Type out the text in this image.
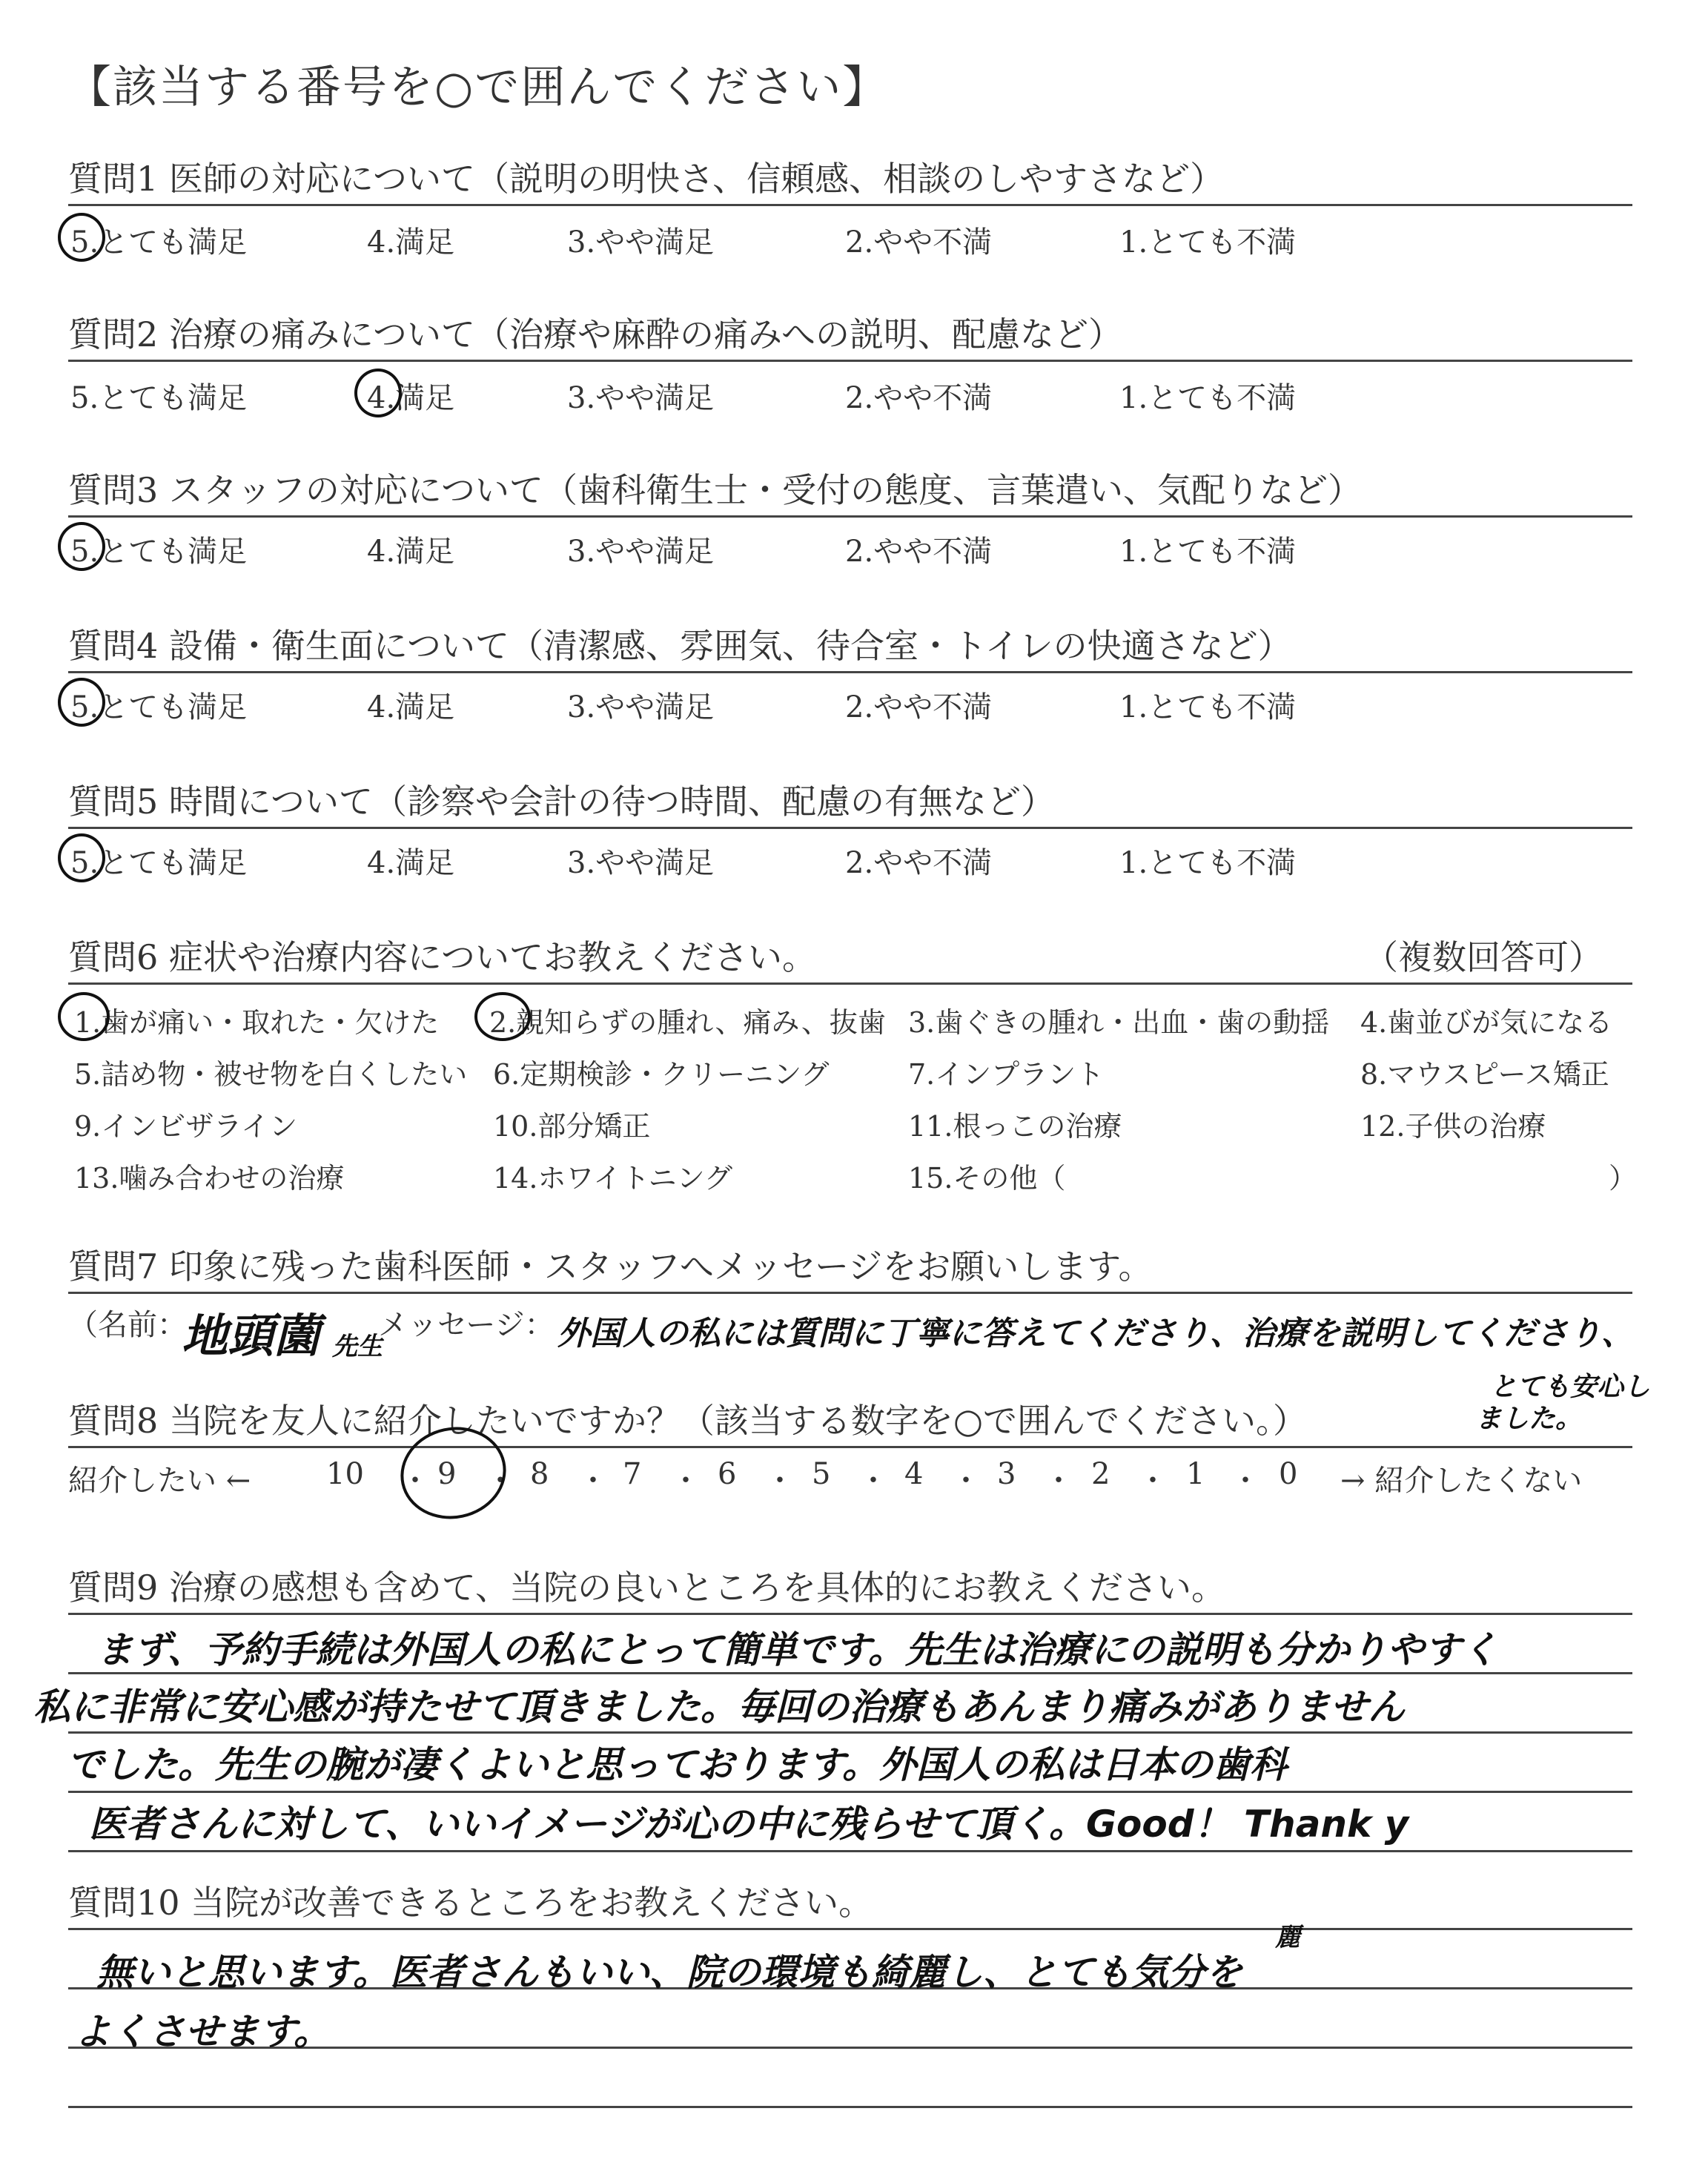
【該当する番号を○で囲んでください】
質問1 医師の対応について（説明の明快さ、信頼感、相談のしやすさなど）
5.とても満足	4.満足	3.やや満足	2.やや不満	1.とても不満
質問2 治療の痛みについて（治療や麻酔の痛みへの説明、配慮など）
5.とても満足	4.満足	3.やや満足	2.やや不満	1.とても不満
質問3 スタッフの対応について（歯科衛生士・受付の態度、言葉遣い、気配りなど）
5.とても満足	4.満足	3.やや満足	2.やや不満	1.とても不満
質問4 設備・衛生面について（清潔感、雰囲気、待合室・トイレの快適さなど）
5.とても満足	4.満足	3.やや満足	2.やや不満	1.とても不満
質問5 時間について（診察や会計の待つ時間、配慮の有無など）
5.とても満足	4.満足	3.やや満足	2.やや不満	1.とても不満
質問6 症状や治療内容についてお教えください。	（複数回答可）
1.歯が痛い・取れた・欠けた 2.親知らずの腫れ、痛み、抜歯 3.歯ぐきの腫れ・出血・歯の動揺 4.歯並びが気になる
5.詰め物・被せ物を白くしたい 6.定期検診・クリーニング	7.インプラント	8.マウスピース矯正
9.インビザライン	10.部分矯正	11.根っこの治療	12.子供の治療
13.噛み合わせの治療	14.ホワイトニング	15.その他（	）
質問7 印象に残った歯科医師・スタッフへメッセージをお願いします。
（名前：
地頭薗 先生
メッセージ： 外国人の私には質問に丁寧に答えてくださり、治療を説明してくださり、
とても安心し
質問8 当院を友人に紹介したいですか？（該当する数字を○で囲んでください。）	ました。
紹介したい ←	10 ・ 9 ・ 8 ・ 7 ・ 6 ・ 5 ・ 4 ・ 3 ・ 2 ・ 1 ・ 0 → 紹介したくない
質問9 治療の感想も含めて、当院の良いところを具体的にお教えください。
まず、予約手続は外国人の私にとって簡単です。先生は治療にの説明も分かりやすく
私に非常に安心感が持たせて頂きました。毎回の治療もあんまり痛みがありません
でした。先生の腕が凄くよいと思っております。外国人の私は日本の歯科
医者さんに対して、いいイメージが心の中に残らせて頂く。Good！ Thank y
質問10 当院が改善できるところをお教えください。
麗
無いと思います。医者さんもいい、院の環境も綺麗し、とても気分を
よくさせます。
